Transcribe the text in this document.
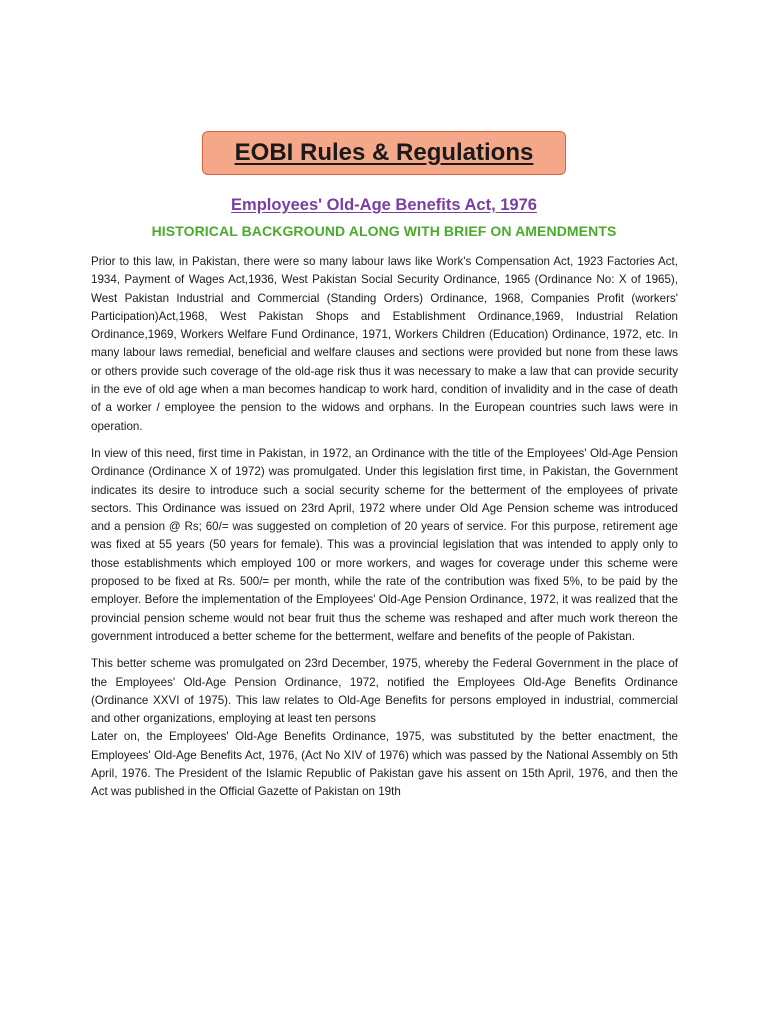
EOBI Rules & Regulations
Employees' Old-Age Benefits Act, 1976
HISTORICAL BACKGROUND ALONG WITH BRIEF ON AMENDMENTS

Prior to this law, in Pakistan, there were so many labour laws like Work's Compensation Act, 1923 Factories Act, 1934, Payment of Wages Act,1936, West Pakistan Social Security Ordinance, 1965 (Ordinance No: X of 1965), West Pakistan Industrial and Commercial (Standing Orders) Ordinance, 1968, Companies Profit (workers' Participation)Act,1968, West Pakistan Shops and Establishment Ordinance,1969, Industrial Relation Ordinance,1969, Workers Welfare Fund Ordinance, 1971, Workers Children (Education) Ordinance, 1972, etc. In many labour laws remedial, beneficial and welfare clauses and sections were provided but none from these laws or others provide such coverage of the old-age risk thus it was necessary to make a law that can provide security in the eve of old age when a man becomes handicap to work hard, condition of invalidity and in the case of death of a worker / employee the pension to the widows and orphans. In the European countries such laws were in operation.

In view of this need, first time in Pakistan, in 1972, an Ordinance with the title of the Employees' Old-Age Pension Ordinance (Ordinance X of 1972) was promulgated. Under this legislation first time, in Pakistan, the Government indicates its desire to introduce such a social security scheme for the betterment of the employees of private sectors. This Ordinance was issued on 23rd April, 1972 where under Old Age Pension scheme was introduced and a pension @ Rs; 60/= was suggested on completion of 20 years of service. For this purpose, retirement age was fixed at 55 years (50 years for female). This was a provincial legislation that was intended to apply only to those establishments which employed 100 or more workers, and wages for coverage under this scheme were proposed to be fixed at Rs. 500/= per month, while the rate of the contribution was fixed 5%, to be paid by the employer. Before the implementation of the Employees' Old-Age Pension Ordinance, 1972, it was realized that the provincial pension scheme would not bear fruit thus the scheme was reshaped and after much work thereon the government introduced a better scheme for the betterment, welfare and benefits of the people of Pakistan.

This better scheme was promulgated on 23rd December, 1975, whereby the Federal Government in the place of the Employees' Old-Age Pension Ordinance, 1972, notified the Employees Old-Age Benefits Ordinance (Ordinance XXVI of 1975). This law relates to Old-Age Benefits for persons employed in industrial, commercial and other organizations, employing at least ten persons

Later on, the Employees' Old-Age Benefits Ordinance, 1975, was substituted by the better enactment, the Employees' Old-Age Benefits Act, 1976, (Act No XIV of 1976) which was passed by the National Assembly on 5th April, 1976. The President of the Islamic Republic of Pakistan gave his assent on 15th April, 1976, and then the Act was published in the Official Gazette of Pakistan on 19th
